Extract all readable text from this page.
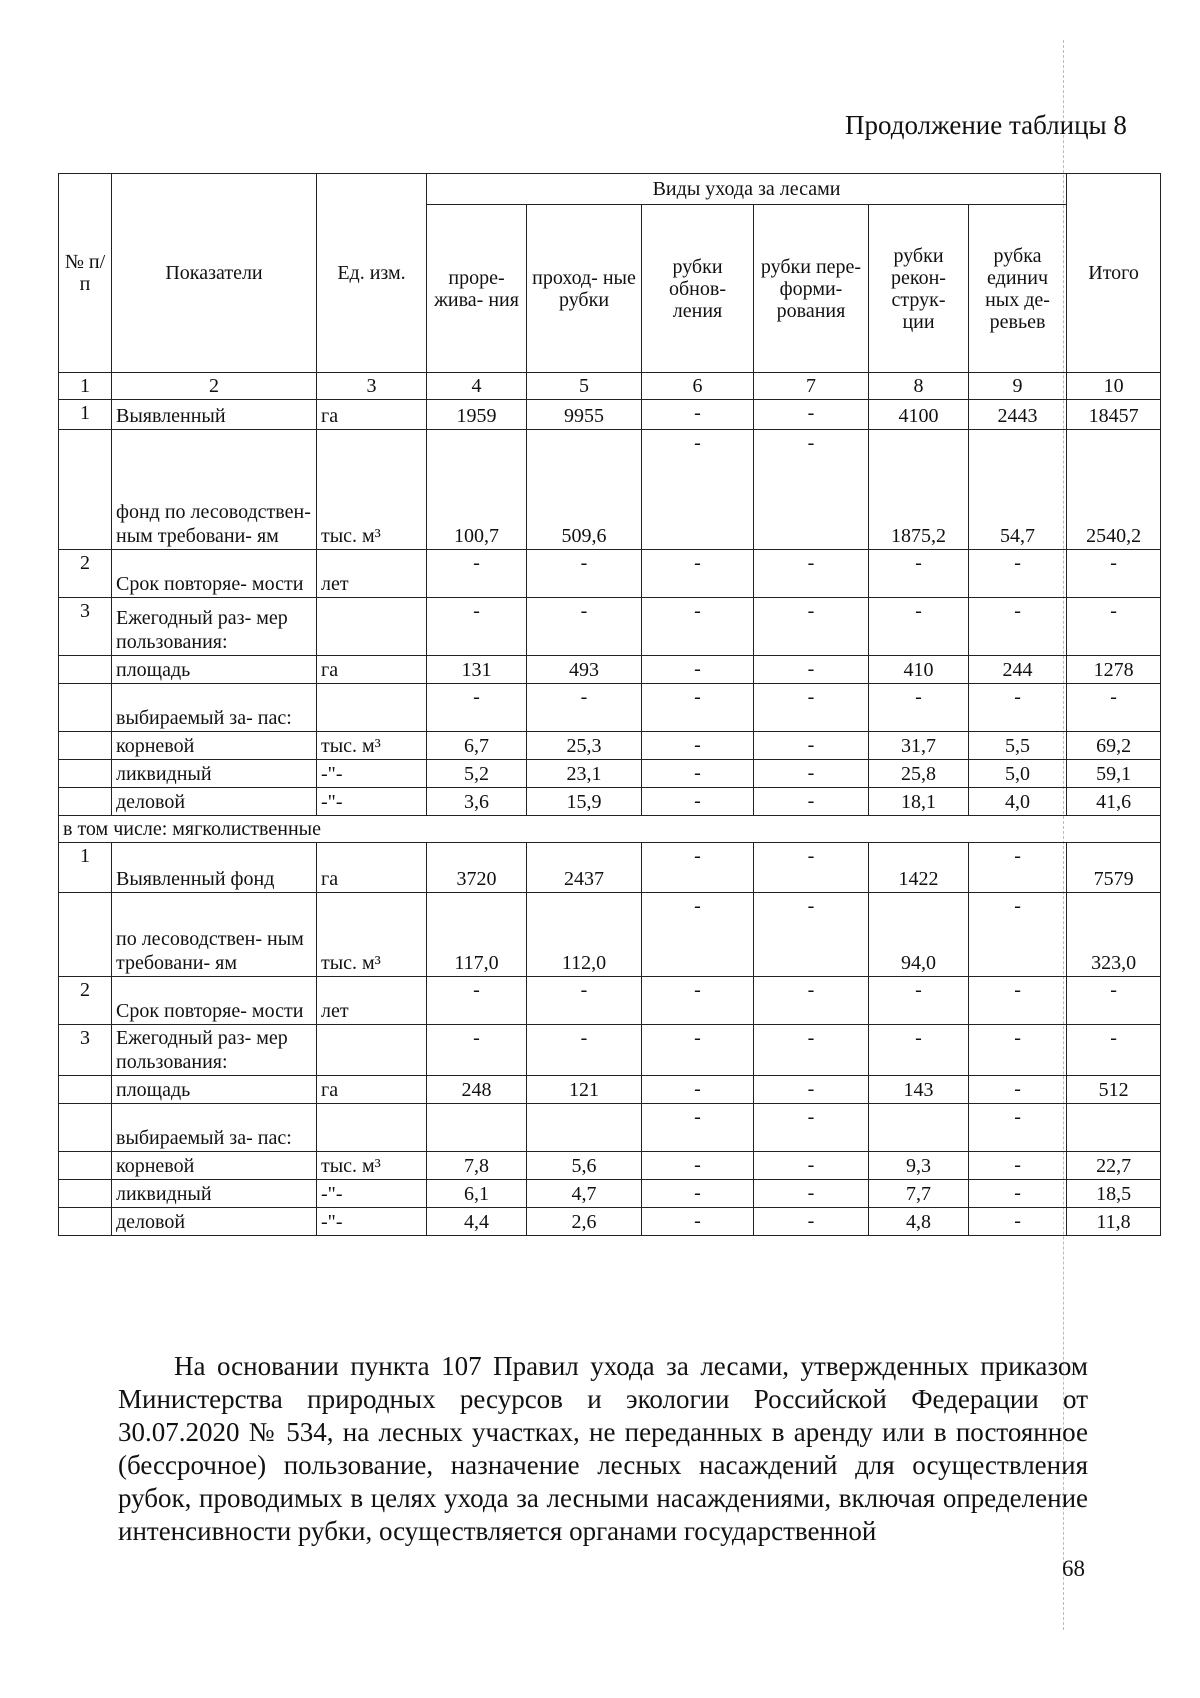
Продолжение таблицы 8
№ п/п	Показатели	Ед. изм.	Виды ухода за лесами						Итого
			проре- жива- ния	проход- ные рубки	рубки обнов- ления	рубки пере- форми- рования	рубки рекон- струк- ции	рубка единич ных де- ревьев	
1	2	3	4	5	6	7	8	9	10
1	Выявленный	га	1959	9955	-	-	4100	2443	18457
	фонд по лесоводствен- ным требовани- ям	тыс. м³	100,7	509,6	-	-	1875,2	54,7	2540,2
2	Срок повторяе- мости	лет	-	-	-	-	-	-	-
3	Ежегодный раз- мер пользования:		-	-	-	-	-	-	-
	площадь	га	131	493	-	-	410	244	1278
	выбираемый за- пас:		-	-	-	-	-	-	-
	корневой	тыс. м³	6,7	25,3	-	-	31,7	5,5	69,2
	ликвидный	-"-	5,2	23,1	-	-	25,8	5,0	59,1
	деловой	-"-	3,6	15,9	-	-	18,1	4,0	41,6
в том числе: мягколиственные									
1	Выявленный фонд	га	3720	2437	-	-	1422	-	7579
	по лесоводствен- ным требовани- ям	тыс. м³	117,0	112,0	-	-	94,0	-	323,0
2	Срок повторяе- мости	лет	-	-	-	-	-	-	-
3	Ежегодный раз- мер пользования:		-	-	-	-	-	-	-
	площадь	га	248	121	-	-	143	-	512
	выбираемый за- пас:				-	-		-	
	корневой	тыс. м³	7,8	5,6	-	-	9,3	-	22,7
	ликвидный	-"-	6,1	4,7	-	-	7,7	-	18,5
	деловой	-"-	4,4	2,6	-	-	4,8	-	11,8
На основании пункта 107 Правил ухода за лесами, утвержденных приказом Министерства природных ресурсов и экологии Российской Федерации от 30.07.2020 № 534, на лесных участках, не переданных в аренду или в постоянное (бессрочное) пользование, назначение лесных насаждений для осуществления рубок, проводимых в целях ухода за лесными насаждениями, включая определение интенсивности рубки, осуществляется органами государственной
68
